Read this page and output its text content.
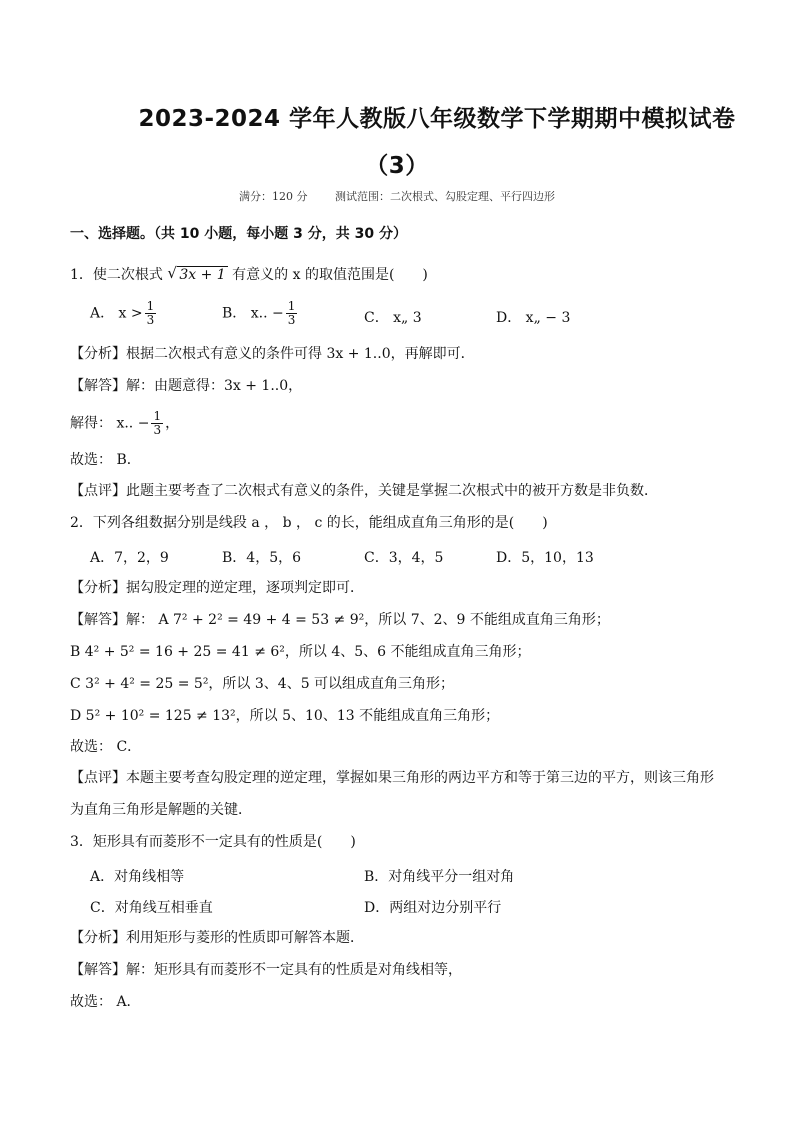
2023-2024 学年人教版八年级数学下学期期中模拟试卷
（3）
满分：120 分	测试范围：二次根式、勾股定理、平行四边形
一、选择题。（共 10 小题，每小题 3 分，共 30 分）
1．使二次根式 √ 3x + 1 有意义的 x 的取值范围是(　　)
A． $x > \frac{1}{3}$	B． x.. − $\frac{1}{3}$	C． x„ 3	D． x„ − 3
【分析】根据二次根式有意义的条件可得 3x + 1..0，再解即可．
【解答】解：由题意得：3x + 1..0，
解得： x.. − $\frac{1}{3}$ ，
故选： B．
【点评】此题主要考查了二次根式有意义的条件，关键是掌握二次根式中的被开方数是非负数．
2．下列各组数据分别是线段 a ， b ， c 的长，能组成直角三角形的是(　　)
A．7，2，9	B．4，5，6	C．3，4，5	D．5，10，13
【分析】据勾股定理的逆定理，逐项判定即可．
【解答】解： A 7² + 2² = 49 + 4 = 53 ≠ 9²，所以 7、2、9 不能组成直角三角形；
B 4² + 5² = 16 + 25 = 41 ≠ 6²，所以 4、5、6 不能组成直角三角形；
C 3² + 4² = 25 = 5²，所以 3、4、5 可以组成直角三角形；
D 5² + 10² = 125 ≠ 13²，所以 5、10、13 不能组成直角三角形；
故选： C．
【点评】本题主要考查勾股定理的逆定理，掌握如果三角形的两边平方和等于第三边的平方，则该三角形
为直角三角形是解题的关键．
3．矩形具有而菱形不一定具有的性质是(　　)
A．对角线相等	B．对角线平分一组对角
C．对角线互相垂直	D．两组对边分别平行
【分析】利用矩形与菱形的性质即可解答本题．
【解答】解：矩形具有而菱形不一定具有的性质是对角线相等，
故选： A．
